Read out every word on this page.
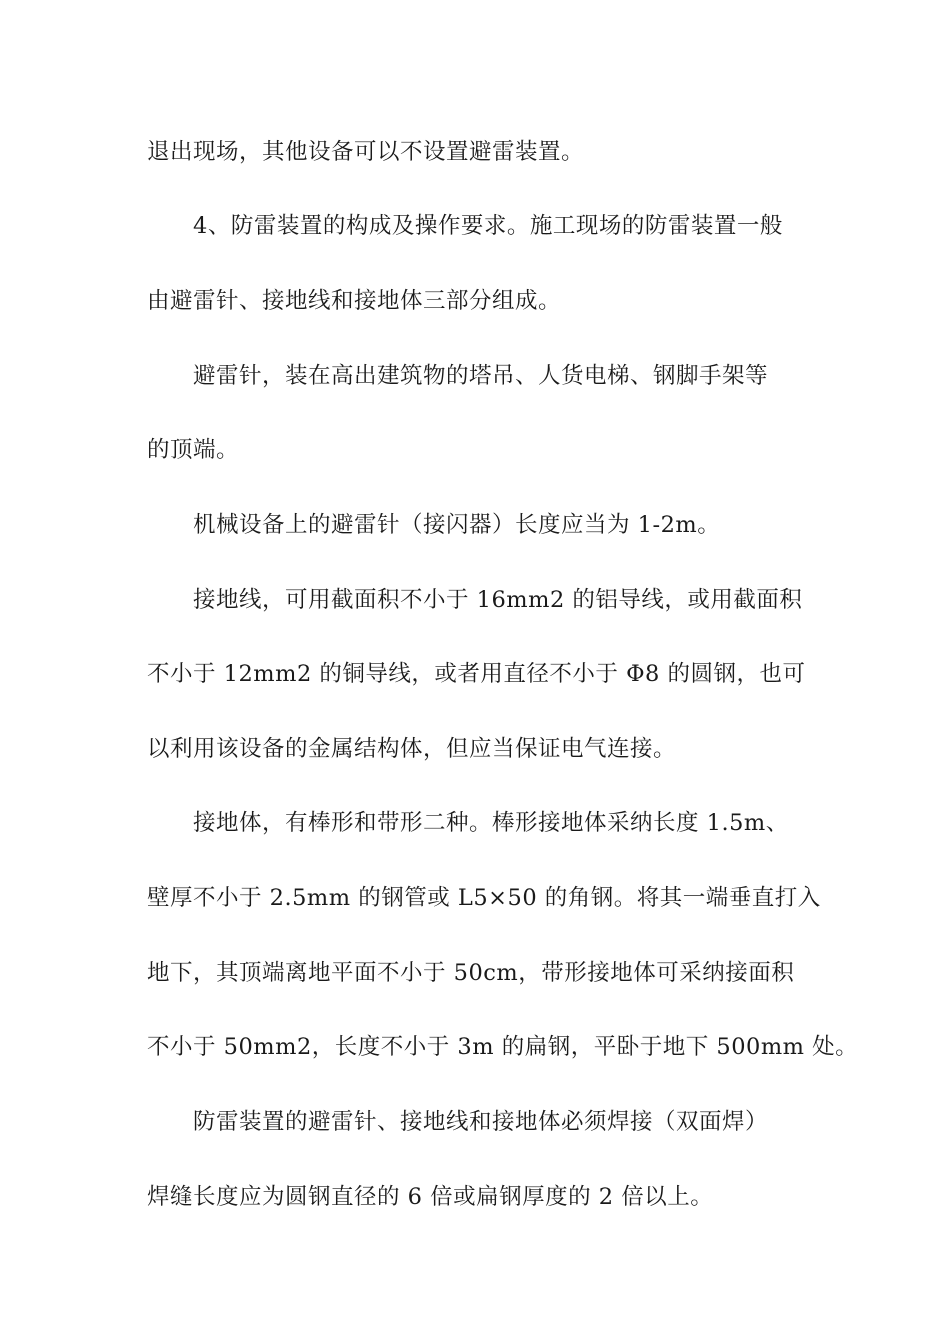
退出现场，其他设备可以不设置避雷装置。
4、防雷装置的构成及操作要求。施工现场的防雷装置一般
由避雷针、接地线和接地体三部分组成。
避雷针，装在高出建筑物的塔吊、人货电梯、钢脚手架等
的顶端。
机械设备上的避雷针（接闪器）长度应当为 1-2m。
接地线，可用截面积不小于 16mm2 的铝导线，或用截面积
不小于 12mm2 的铜导线，或者用直径不小于 Φ8 的圆钢，也可
以利用该设备的金属结构体，但应当保证电气连接。
接地体，有棒形和带形二种。棒形接地体采纳长度 1.5m、
壁厚不小于 2.5mm 的钢管或 L5×50 的角钢。将其一端垂直打入
地下，其顶端离地平面不小于 50cm，带形接地体可采纳接面积
不小于 50mm2，长度不小于 3m 的扁钢，平卧于地下 500mm 处。
防雷装置的避雷针、接地线和接地体必须焊接（双面焊）
焊缝长度应为圆钢直径的 6 倍或扁钢厚度的 2 倍以上。
